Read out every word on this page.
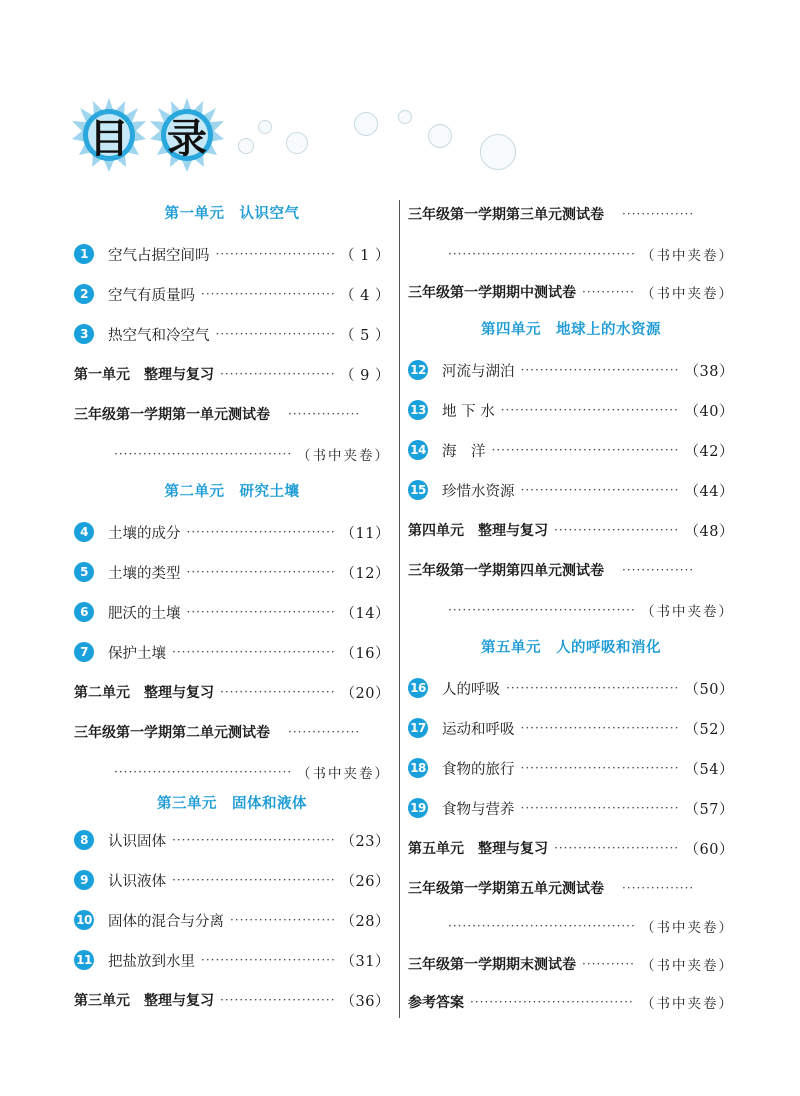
目 录
第一单元　认识空气
1	空气占据空间吗 ·····	（ 1 ）
2	空气有质量吗 ·····	（ 4 ）
3	热空气和冷空气 ·····	（ 5 ）
第一单元　整理与复习 ·····	（ 9 ）
三年级第一学期第一单元测试卷
·····
·····
（书中夹卷）
第二单元　研究土壤
4	土壤的成分 ·····	（11）
5	土壤的类型 ·····	（12）
6	肥沃的土壤 ·····	（14）
7	保护土壤 ·····	（16）
第二单元　整理与复习 ·····	（20）
三年级第一学期第二单元测试卷
·····
·····
（书中夹卷）
第三单元　固体和液体
8	认识固体 ·····	（23）
9	认识液体 ·····	（26）
10 固体的混合与分离 ·····	（28）
11 把盐放到水里 ·····	（31）
第三单元　整理与复习 ·····	（36）
三年级第一学期第三单元测试卷
·····
·····
（书中夹卷）
三年级第一学期期中测试卷 ·····	（书中夹卷）
第四单元　地球上的水资源
12 河流与湖泊 ·····	（38）
13 地 下 水 ·····	（40）
14 海　洋 ·····	（42）
15 珍惜水资源 ·····	（44）
第四单元　整理与复习 ·····	（48）
三年级第一学期第四单元测试卷
·····
·····
（书中夹卷）
第五单元　人的呼吸和消化
16 人的呼吸 ·····	（50）
17 运动和呼吸 ·····	（52）
18 食物的旅行 ·····	（54）
19 食物与营养 ·····	（57）
第五单元　整理与复习 ·····	（60）
三年级第一学期第五单元测试卷
·····
·····
（书中夹卷）
三年级第一学期期末测试卷 ·····	（书中夹卷）
参考答案 ·····	（书中夹卷）
